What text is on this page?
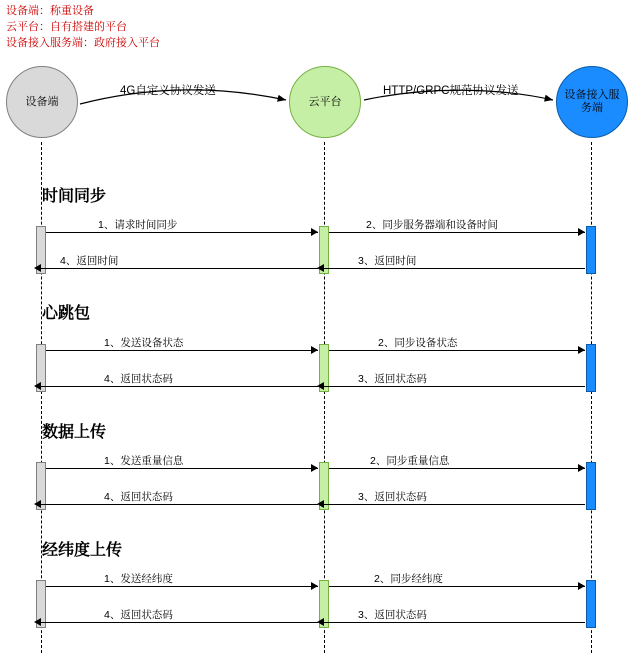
设备端：称重设备
云平台：自有搭建的平台
设备接入服务端：政府接入平台
设备端	云平台
设备接入服务端
4G自定义协议发送	HTTP/GRPC规范协议发送
时间同步
1、请求时间同步	2、同步服务器端和设备时间
4、返回时间	3、返回时间
心跳包
1、发送设备状态	2、同步设备状态
4、返回状态码	3、返回状态码
数据上传
1、发送重量信息	2、同步重量信息
4、返回状态码	3、返回状态码
经纬度上传
1、发送经纬度	2、同步经纬度
4、返回状态码	3、返回状态码
